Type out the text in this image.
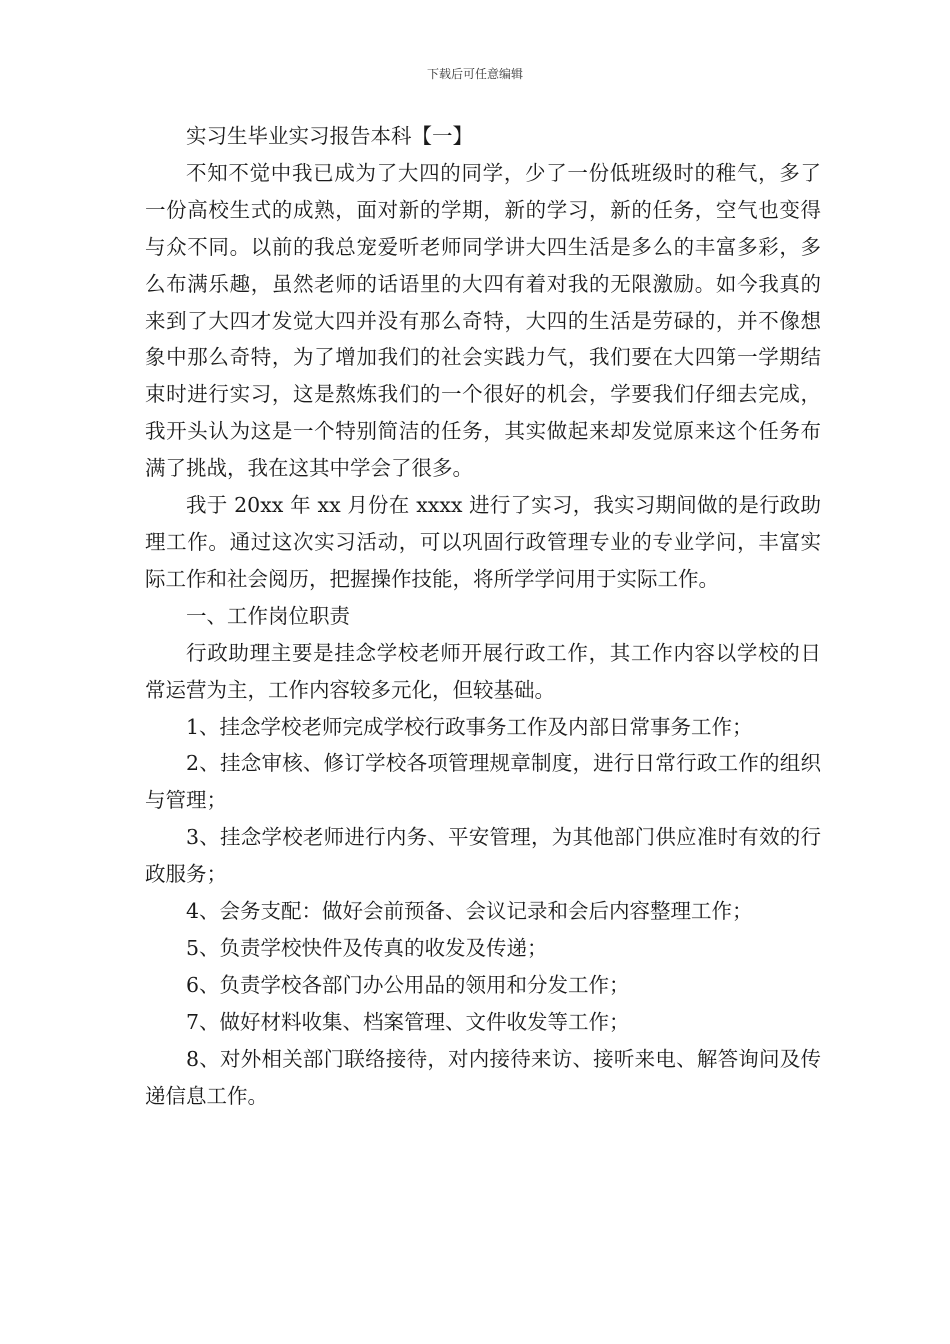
下载后可任意编辑

实习生毕业实习报告本科【一】

不知不觉中我已成为了大四的同学，少了一份低班级时的稚气，多了一份高校生式的成熟，面对新的学期，新的学习，新的任务，空气也变得与众不同。以前的我总宠爱听老师同学讲大四生活是多么的丰富多彩，多么布满乐趣，虽然老师的话语里的大四有着对我的无限激励。如今我真的来到了大四才发觉大四并没有那么奇特，大四的生活是劳碌的，并不像想象中那么奇特，为了增加我们的社会实践力气，我们要在大四第一学期结束时进行实习，这是熬炼我们的一个很好的机会，学要我们仔细去完成，我开头认为这是一个特别简洁的任务，其实做起来却发觉原来这个任务布满了挑战，我在这其中学会了很多。

我于 20xx 年 xx 月份在 xxxx 进行了实习，我实习期间做的是行政助理工作。通过这次实习活动，可以巩固行政管理专业的专业学问，丰富实际工作和社会阅历，把握操作技能，将所学学问用于实际工作。

一、工作岗位职责

行政助理主要是挂念学校老师开展行政工作，其工作内容以学校的日常运营为主，工作内容较多元化，但较基础。

1、挂念学校老师完成学校行政事务工作及内部日常事务工作；

2、挂念审核、修订学校各项管理规章制度，进行日常行政工作的组织与管理；

3、挂念学校老师进行内务、平安管理，为其他部门供应准时有效的行政服务；

4、会务支配：做好会前预备、会议记录和会后内容整理工作；

5、负责学校快件及传真的收发及传递；

6、负责学校各部门办公用品的领用和分发工作；

7、做好材料收集、档案管理、文件收发等工作；

8、对外相关部门联络接待，对内接待来访、接听来电、解答询问及传递信息工作。
